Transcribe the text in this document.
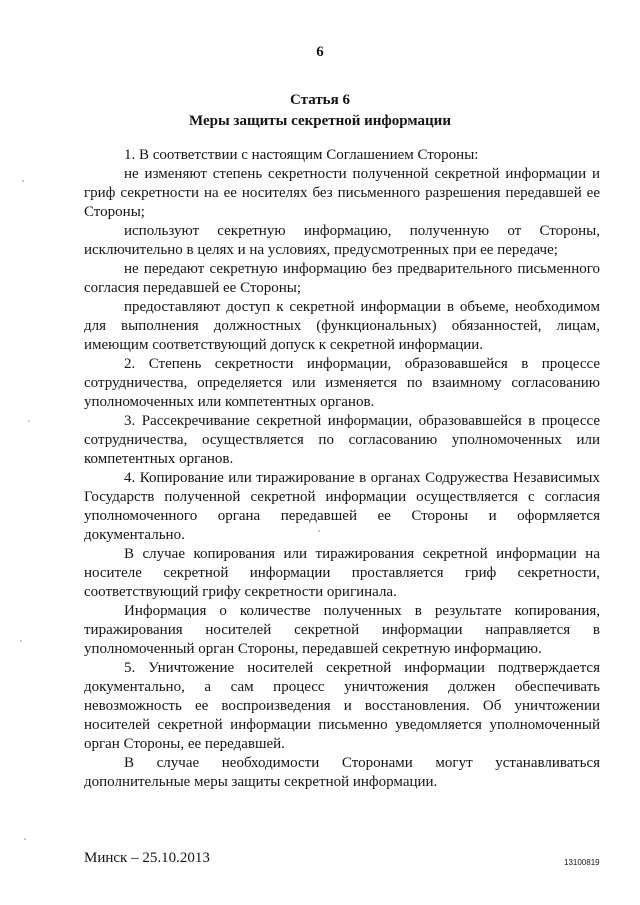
6
Статья 6
Меры защиты секретной информации

1. В соответствии с настоящим Соглашением Стороны:

не изменяют степень секретности полученной секретной информации и гриф секретности на ее носителях без письменного разрешения передавшей ее Стороны;

используют секретную информацию, полученную от Стороны, исключительно в целях и на условиях, предусмотренных при ее передаче;

не передают секретную информацию без предварительного письменного согласия передавшей ее Стороны;

предоставляют доступ к секретной информации в объеме, необходимом для выполнения должностных (функциональных) обязанностей, лицам, имеющим соответствующий допуск к секретной информации.

2. Степень секретности информации, образовавшейся в процессе сотрудничества, определяется или изменяется по взаимному согласованию уполномоченных или компетентных органов.

3. Рассекречивание секретной информации, образовавшейся в процессе сотрудничества, осуществляется по согласованию уполномоченных или компетентных органов.

4. Копирование или тиражирование в органах Содружества Независимых Государств полученной секретной информации осуществляется с согласия уполномоченного органа передавшей ее Стороны и оформляется документально.

В случае копирования или тиражирования секретной информации на носителе секретной информации проставляется гриф секретности, соответствующий грифу секретности оригинала.

Информация о количестве полученных в результате копирования, тиражирования носителей секретной информации направляется в уполномоченный орган Стороны, передавшей секретную информацию.

5. Уничтожение носителей секретной информации подтверждается документально, а сам процесс уничтожения должен обеспечивать невозможность ее воспроизведения и восстановления. Об уничтожении носителей секретной информации письменно уведомляется уполномоченный орган Стороны, ее передавшей.

В случае необходимости Сторонами могут устанавливаться дополнительные меры защиты секретной информации.

Минск – 25.10.2013	13100819
